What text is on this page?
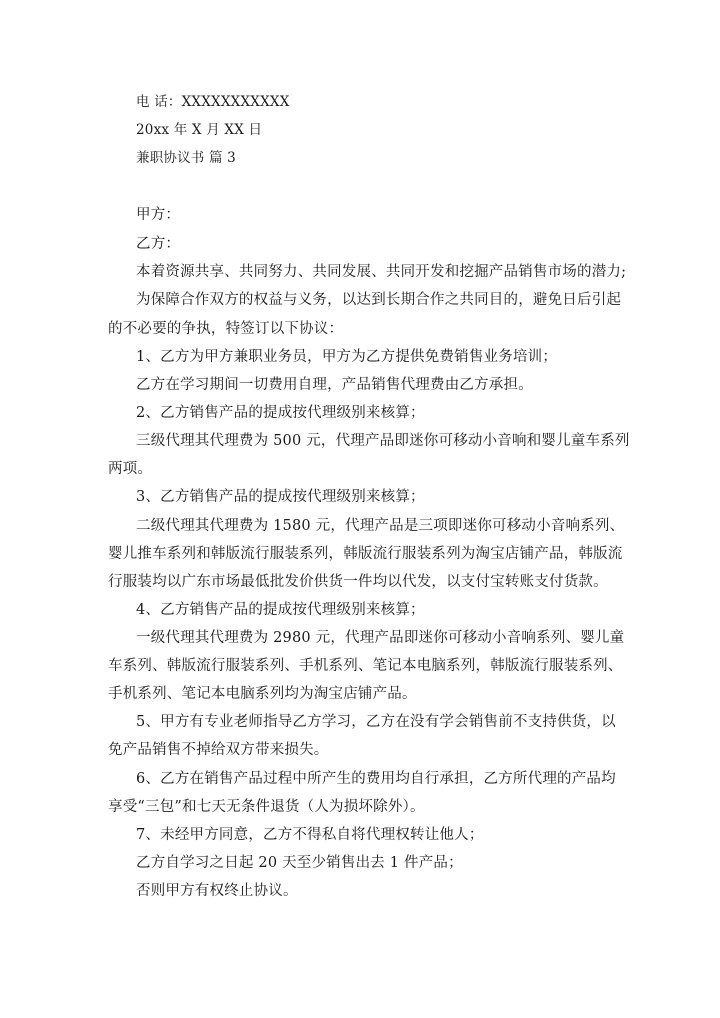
电 话：XXXXXXXXXXX
20xx 年 X 月 XX 日
兼职协议书 篇 3
甲方：
乙方：
本着资源共享、共同努力、共同发展、共同开发和挖掘产品销售市场的潜力;
为保障合作双方的权益与义务，以达到长期合作之共同目的，避免日后引起
的不必要的争执，特签订以下协议：
1、乙方为甲方兼职业务员，甲方为乙方提供免费销售业务培训；
乙方在学习期间一切费用自理，产品销售代理费由乙方承担。
2、乙方销售产品的提成按代理级别来核算；
三级代理其代理费为 500 元，代理产品即迷你可移动小音响和婴儿童车系列
两项。
3、乙方销售产品的提成按代理级别来核算；
二级代理其代理费为 1580 元，代理产品是三项即迷你可移动小音响系列、
婴儿推车系列和韩版流行服装系列，韩版流行服装系列为淘宝店铺产品，韩版流
行服装均以广东市场最低批发价供货一件均以代发，以支付宝转账支付货款。
4、乙方销售产品的提成按代理级别来核算；
一级代理其代理费为 2980 元，代理产品即迷你可移动小音响系列、婴儿童
车系列、韩版流行服装系列、手机系列、笔记本电脑系列，韩版流行服装系列、
手机系列、笔记本电脑系列均为淘宝店铺产品。
5、甲方有专业老师指导乙方学习，乙方在没有学会销售前不支持供货，以
免产品销售不掉给双方带来损失。
6、乙方在销售产品过程中所产生的费用均自行承担，乙方所代理的产品均
享受“三包”和七天无条件退货（人为损坏除外）。
7、未经甲方同意，乙方不得私自将代理权转让他人；
乙方自学习之日起 20 天至少销售出去 1 件产品；
否则甲方有权终止协议。
